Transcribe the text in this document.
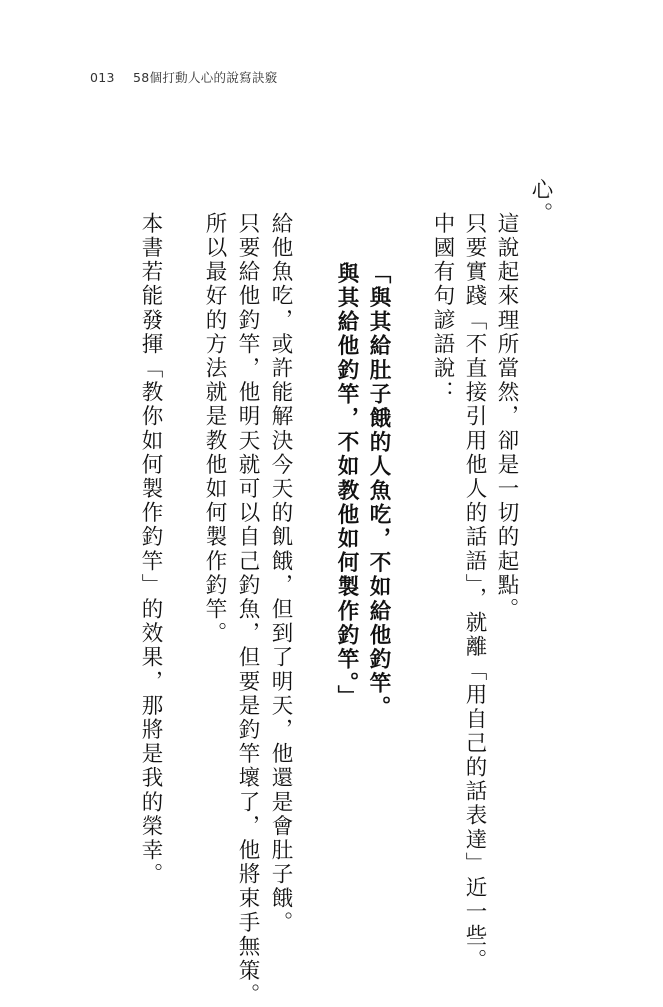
013 58個打動人心的說寫訣竅
心。
這說起來理所當然，卻是一切的起點。
只要實踐「不直接引用他人的話語」，就離「用自己的話表達」近一些。
中國有句諺語說：
「與其給肚子餓的人魚吃，不如給他釣竿。
與其給他釣竿，不如教他如何製作釣竿。」
給他魚吃，或許能解決今天的飢餓，但到了明天，他還是會肚子餓。
只要給他釣竿，他明天就可以自己釣魚，但要是釣竿壞了，他將束手無策。
所以最好的方法就是教他如何製作釣竿。
本書若能發揮「教你如何製作釣竿」的效果，那將是我的榮幸。
